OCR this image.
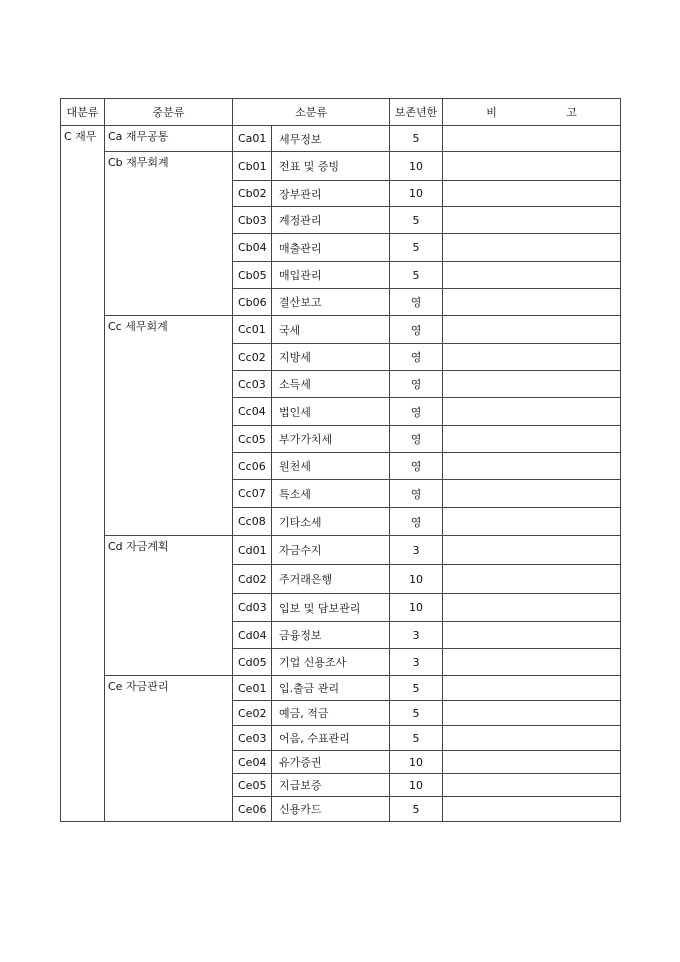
대분류	중분류	소분류		보존년한	비 고
C 재무	Ca 재무공통	Ca01	세무정보	5	
	Cb 재무회계	Cb01	전표 및 증빙	10	
		Cb02	장부관리	10	
		Cb03	계정관리	5	
		Cb04	매출관리	5	
		Cb05	매입관리	5	
		Cb06	결산보고	영	
	Cc 세무회계	Cc01	국세	영	
		Cc02	지방세	영	
		Cc03	소득세	영	
		Cc04	법인세	영	
		Cc05	부가가치세	영	
		Cc06	원천세	영	
		Cc07	특소세	영	
		Cc08	기타소세	영	
	Cd 자금계획	Cd01	자금수지	3	
		Cd02	주거래은행	10	
		Cd03	입보 및 담보관리	10	
		Cd04	금융정보	3	
		Cd05	기업 신용조사	3	
	Ce 자금관리	Ce01	입.출금 관리	5	
		Ce02	예금, 적금	5	
		Ce03	어음, 수표관리	5	
		Ce04	유가증권	10	
		Ce05	지급보증	10	
		Ce06	신용카드	5	
